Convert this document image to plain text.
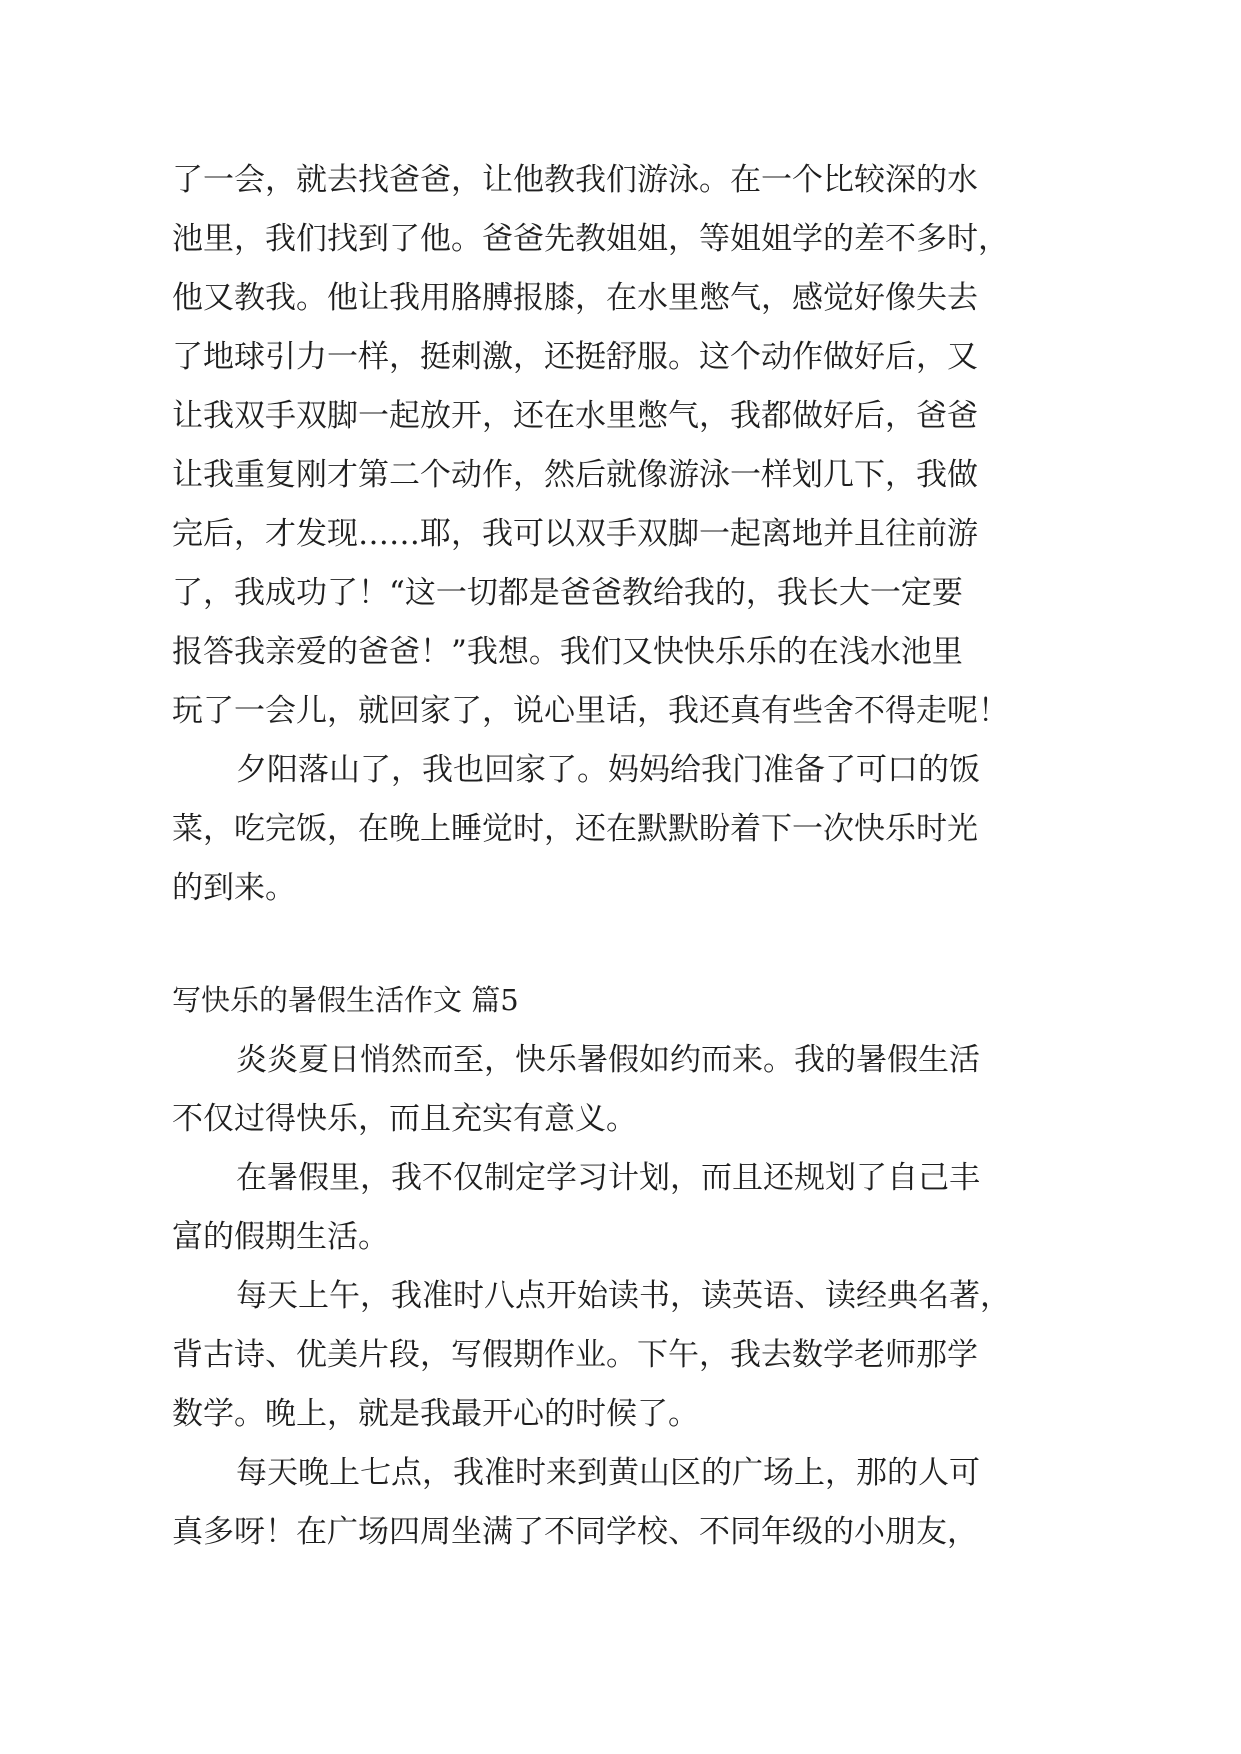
了一会，就去找爸爸，让他教我们游泳。在一个比较深的水
池里，我们找到了他。爸爸先教姐姐，等姐姐学的差不多时，
他又教我。他让我用胳膊报膝，在水里憋气，感觉好像失去
了地球引力一样，挺刺激，还挺舒服。这个动作做好后，又
让我双手双脚一起放开，还在水里憋气，我都做好后，爸爸
让我重复刚才第二个动作，然后就像游泳一样划几下，我做
完后，才发现……耶，我可以双手双脚一起离地并且往前游
了，我成功了！“这一切都是爸爸教给我的，我长大一定要
报答我亲爱的爸爸！”我想。我们又快快乐乐的在浅水池里
玩了一会儿，就回家了，说心里话，我还真有些舍不得走呢！
夕阳落山了，我也回家了。妈妈给我门准备了可口的饭
菜，吃完饭，在晚上睡觉时，还在默默盼着下一次快乐时光
的到来。
写快乐的暑假生活作文 篇5
炎炎夏日悄然而至，快乐暑假如约而来。我的暑假生活
不仅过得快乐，而且充实有意义。
在暑假里，我不仅制定学习计划，而且还规划了自己丰
富的假期生活。
每天上午，我准时八点开始读书，读英语、读经典名著，
背古诗、优美片段，写假期作业。下午，我去数学老师那学
数学。晚上，就是我最开心的时候了。
每天晚上七点，我准时来到黄山区的广场上，那的人可
真多呀！在广场四周坐满了不同学校、不同年级的小朋友，
